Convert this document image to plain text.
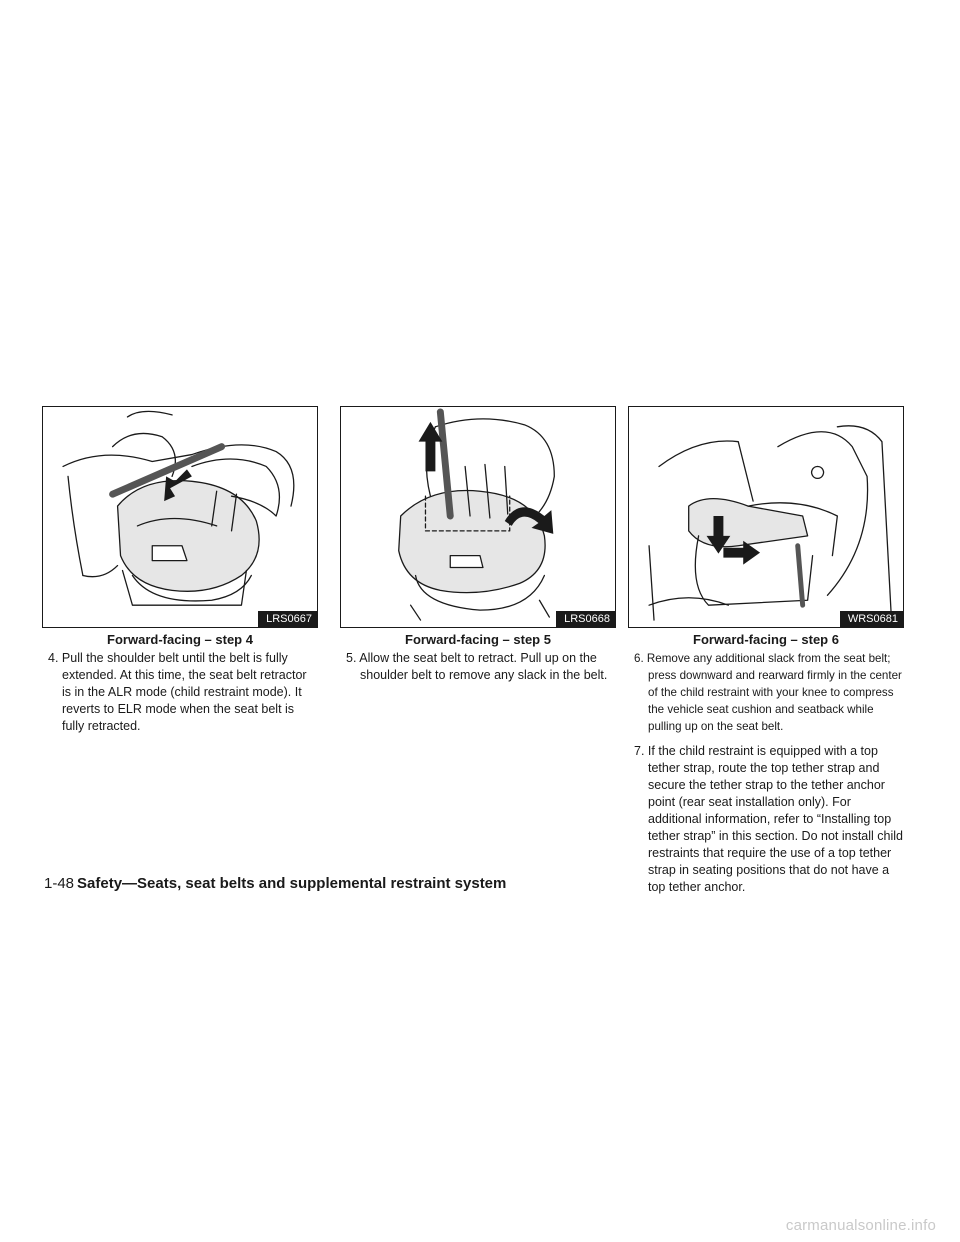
LRS0667	LRS0668	WRS0681
Forward-facing – step 4	Forward-facing – step 5	Forward-facing – step 6

4. Pull the shoulder belt until the belt is fully extended. At this time, the seat belt retractor is in the ALR mode (child restraint mode). It reverts to ELR mode when the seat belt is fully retracted.

5. Allow the seat belt to retract. Pull up on the shoulder belt to remove any slack in the belt.

6. Remove any additional slack from the seat belt; press downward and rearward firmly in the center of the child restraint with your knee to compress the vehicle seat cushion and seatback while pulling up on the seat belt.

7. If the child restraint is equipped with a top tether strap, route the top tether strap and secure the tether strap to the tether anchor point (rear seat installation only). For additional information, refer to “Installing top tether strap” in this section. Do not install child restraints that require the use of a top tether strap in seating positions that do not have a top tether anchor.

1-48 Safety—Seats, seat belts and supplemental restraint system
carmanualsonline.info
